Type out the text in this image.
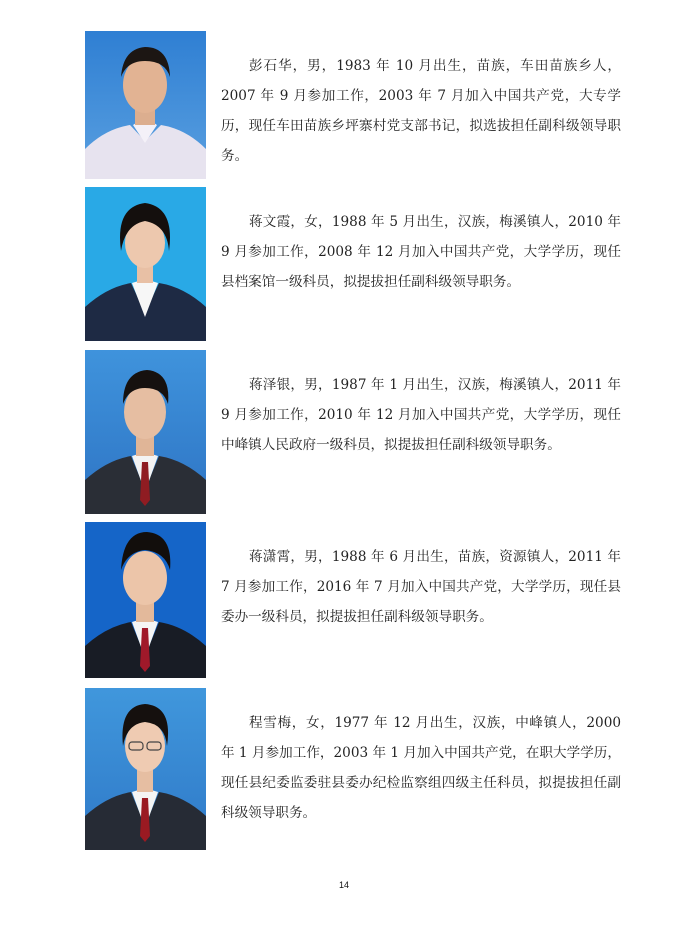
彭石华，男，1983 年 10 月出生，苗族，车田苗族乡人，2007 年 9 月参加工作，2003 年 7 月加入中国共产党，大专学历，现任车田苗族乡坪寨村党支部书记，拟选拔担任副科级领导职务。

蒋文霞，女，1988 年 5 月出生，汉族，梅溪镇人，2010 年 9 月参加工作，2008 年 12 月加入中国共产党，大学学历，现任县档案馆一级科员，拟提拔担任副科级领导职务。

蒋泽银，男，1987 年 1 月出生，汉族，梅溪镇人，2011 年 9 月参加工作，2010 年 12 月加入中国共产党，大学学历，现任中峰镇人民政府一级科员，拟提拔担任副科级领导职务。

蒋潇霄，男，1988 年 6 月出生，苗族，资源镇人，2011 年 7 月参加工作，2016 年 7 月加入中国共产党，大学学历，现任县委办一级科员，拟提拔担任副科级领导职务。

程雪梅，女，1977 年 12 月出生，汉族，中峰镇人，2000 年 1 月参加工作，2003 年 1 月加入中国共产党，在职大学学历，现任县纪委监委驻县委办纪检监察组四级主任科员，拟提拔担任副科级领导职务。

14
